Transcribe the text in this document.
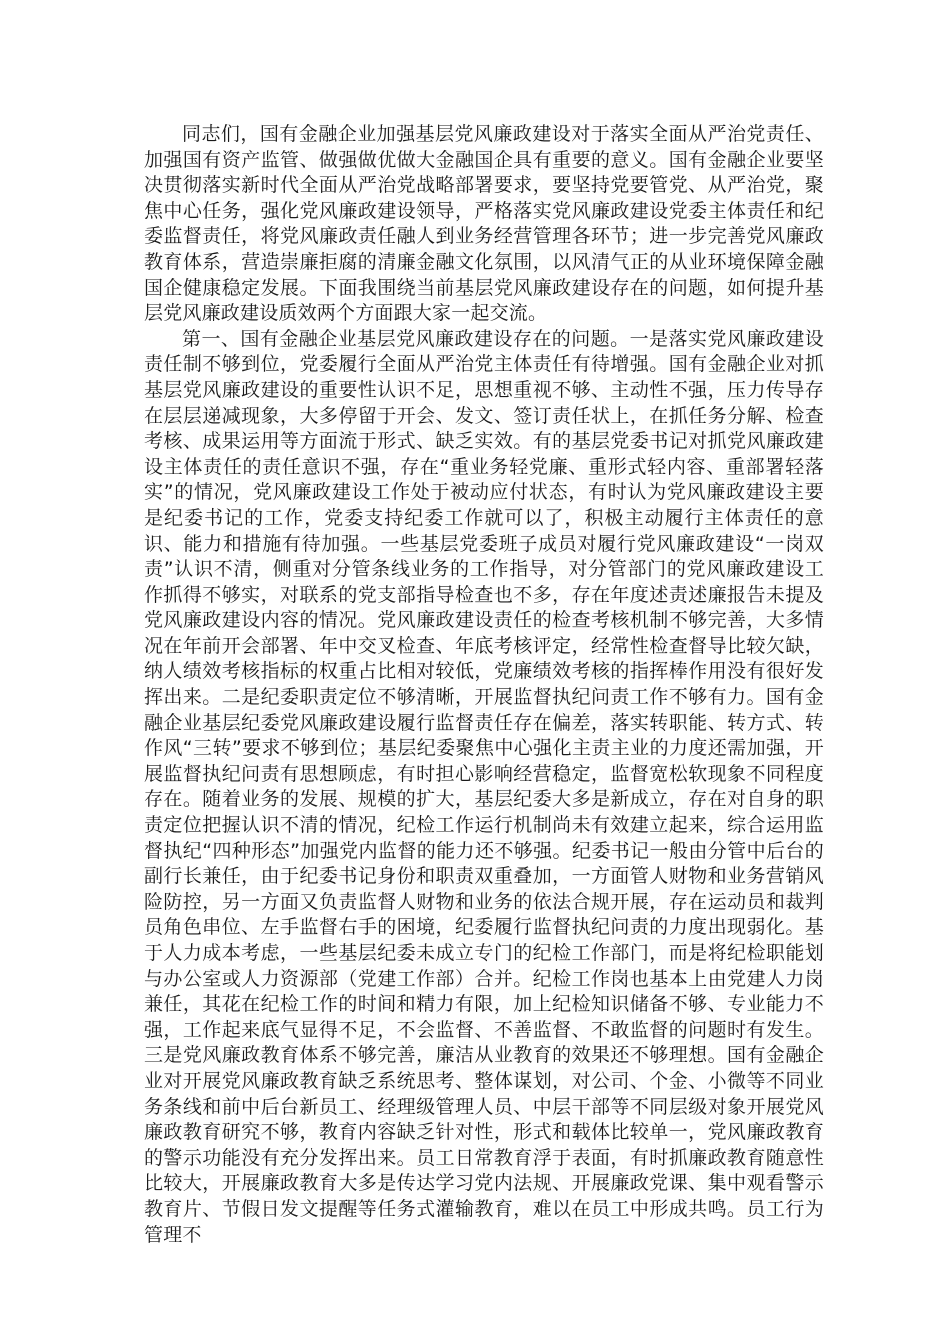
同志们，国有金融企业加强基层党风廉政建设对于落实全面从严治党责任、加强国有资产监管、做强做优做大金融国企具有重要的意义。国有金融企业要坚决贯彻落实新时代全面从严治党战略部署要求，要坚持党要管党、从严治党，聚焦中心任务，强化党风廉政建设领导，严格落实党风廉政建设党委主体责任和纪委监督责任，将党风廉政责任融人到业务经营管理各环节；进一步完善党风廉政教育体系，营造崇廉拒腐的清廉金融文化氛围，以风清气正的从业环境保障金融国企健康稳定发展。下面我围绕当前基层党风廉政建设存在的问题，如何提升基层党风廉政建设质效两个方面跟大家一起交流。

第一、国有金融企业基层党风廉政建设存在的问题。一是落实党风廉政建设责任制不够到位，党委履行全面从严治党主体责任有待增强。国有金融企业对抓基层党风廉政建设的重要性认识不足，思想重视不够、主动性不强，压力传导存在层层递减现象，大多停留于开会、发文、签订责任状上，在抓任务分解、检查考核、成果运用等方面流于形式、缺乏实效。有的基层党委书记对抓党风廉政建设主体责任的责任意识不强，存在“重业务轻党廉、重形式轻内容、重部署轻落实”的情况，党风廉政建设工作处于被动应付状态，有时认为党风廉政建设主要是纪委书记的工作，党委支持纪委工作就可以了，积极主动履行主体责任的意识、能力和措施有待加强。一些基层党委班子成员对履行党风廉政建设“一岗双责”认识不清，侧重对分管条线业务的工作指导，对分管部门的党风廉政建设工作抓得不够实，对联系的党支部指导检查也不多，存在年度述责述廉报告未提及党风廉政建设内容的情况。党风廉政建设责任的检查考核机制不够完善，大多情况在年前开会部署、年中交叉检查、年底考核评定，经常性检查督导比较欠缺，纳人绩效考核指标的权重占比相对较低，党廉绩效考核的指挥棒作用没有很好发挥出来。二是纪委职责定位不够清晰，开展监督执纪问责工作不够有力。国有金融企业基层纪委党风廉政建设履行监督责任存在偏差，落实转职能、转方式、转作风“三转”要求不够到位；基层纪委聚焦中心强化主责主业的力度还需加强，开展监督执纪问责有思想顾虑，有时担心影响经营稳定，监督宽松软现象不同程度存在。随着业务的发展、规模的扩大，基层纪委大多是新成立，存在对自身的职责定位把握认识不清的情况，纪检工作运行机制尚未有效建立起来，综合运用监督执纪“四种形态”加强党内监督的能力还不够强。纪委书记一般由分管中后台的副行长兼任，由于纪委书记身份和职责双重叠加，一方面管人财物和业务营销风险防控，另一方面又负责监督人财物和业务的依法合规开展，存在运动员和裁判员角色串位、左手监督右手的困境，纪委履行监督执纪问责的力度出现弱化。基于人力成本考虑，一些基层纪委未成立专门的纪检工作部门，而是将纪检职能划与办公室或人力资源部（党建工作部）合并。纪检工作岗也基本上由党建人力岗兼任，其花在纪检工作的时间和精力有限，加上纪检知识储备不够、专业能力不强，工作起来底气显得不足，不会监督、不善监督、不敢监督的问题时有发生。三是党风廉政教育体系不够完善，廉洁从业教育的效果还不够理想。国有金融企业对开展党风廉政教育缺乏系统思考、整体谋划，对公司、个金、小微等不同业务条线和前中后台新员工、经理级管理人员、中层干部等不同层级对象开展党风廉政教育研究不够，教育内容缺乏针对性，形式和载体比较单一，党风廉政教育的警示功能没有充分发挥出来。员工日常教育浮于表面，有时抓廉政教育随意性比较大，开展廉政教育大多是传达学习党内法规、开展廉政党课、集中观看警示教育片、节假日发文提醒等任务式灌输教育，难以在员工中形成共鸣。员工行为管理不
